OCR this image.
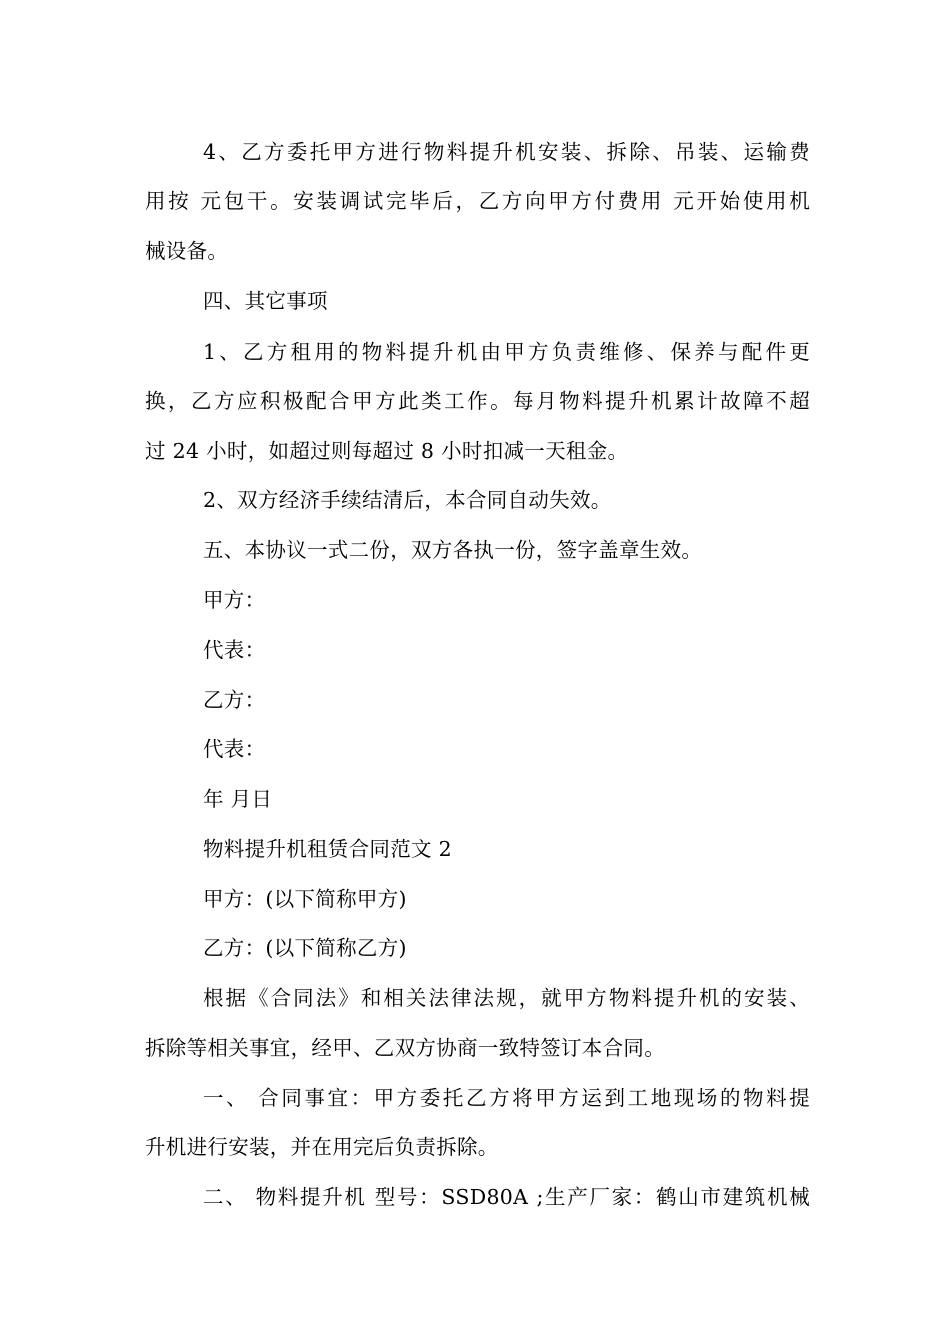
4、乙方委托甲方进行物料提升机安装、拆除、吊装、运输费
用按 元包干。安装调试完毕后，乙方向甲方付费用 元开始使用机
械设备。
四、其它事项
1、乙方租用的物料提升机由甲方负责维修、保养与配件更
换，乙方应积极配合甲方此类工作。每月物料提升机累计故障不超
过 24 小时，如超过则每超过 8 小时扣减一天租金。
2、双方经济手续结清后，本合同自动失效。
五、本协议一式二份，双方各执一份，签字盖章生效。
甲方：
代表：
乙方：
代表：
年 月日
物料提升机租赁合同范文 2
甲方：(以下简称甲方)
乙方：(以下简称乙方)
根据《合同法》和相关法律法规，就甲方物料提升机的安装、
拆除等相关事宜，经甲、乙双方协商一致特签订本合同。
一、 合同事宜：甲方委托乙方将甲方运到工地现场的物料提
升机进行安装，并在用完后负责拆除。
二、 物料提升机 型号：SSD80A ;生产厂家：鹤山市建筑机械
